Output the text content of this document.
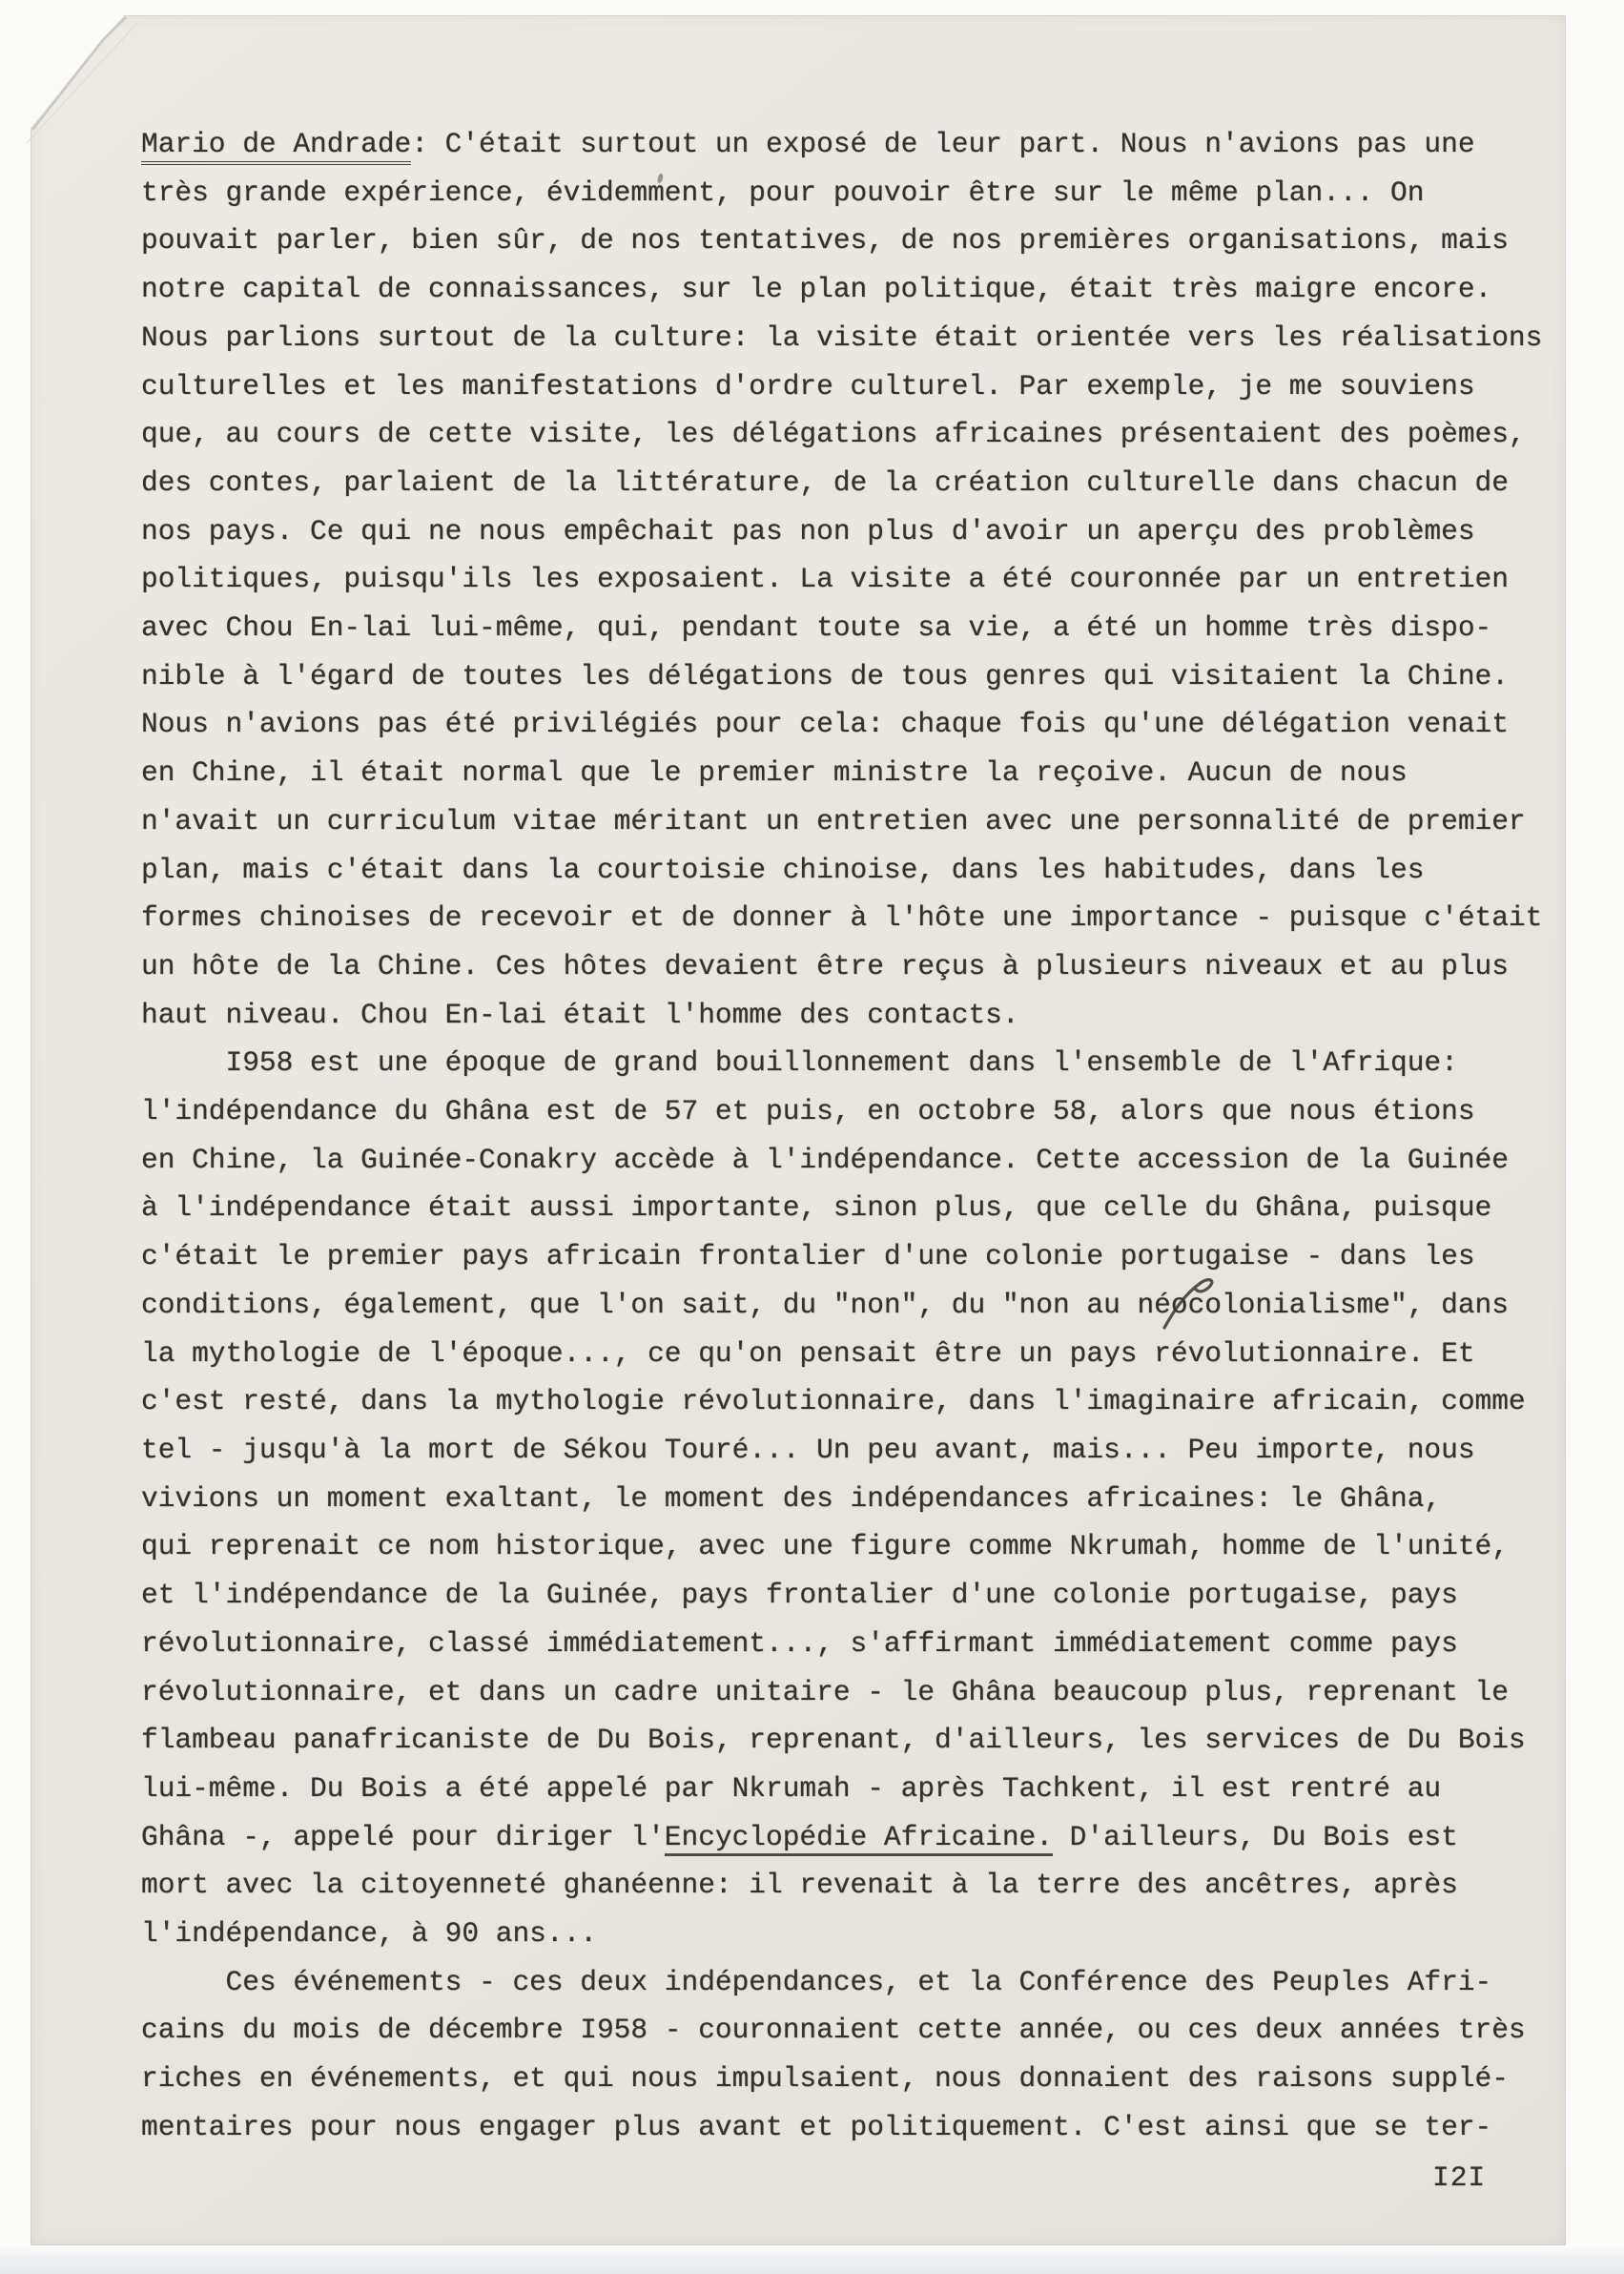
Mario de Andrade: C'était surtout un exposé de leur part. Nous n'avions pas une
très grande expérience, évidemment, pour pouvoir être sur le même plan... On
pouvait parler, bien sûr, de nos tentatives, de nos premières organisations, mais
notre capital de connaissances, sur le plan politique, était très maigre encore.
Nous parlions surtout de la culture: la visite était orientée vers les réalisations
culturelles et les manifestations d'ordre culturel. Par exemple, je me souviens
que, au cours de cette visite, les délégations africaines présentaient des poèmes,
des contes, parlaient de la littérature, de la création culturelle dans chacun de
nos pays. Ce qui ne nous empêchait pas non plus d'avoir un aperçu des problèmes
politiques, puisqu'ils les exposaient. La visite a été couronnée par un entretien
avec Chou En-lai lui-même, qui, pendant toute sa vie, a été un homme très dispo-
nible à l'égard de toutes les délégations de tous genres qui visitaient la Chine.
Nous n'avions pas été privilégiés pour cela: chaque fois qu'une délégation venait
en Chine, il était normal que le premier ministre la reçoive. Aucun de nous
n'avait un curriculum vitae méritant un entretien avec une personnalité de premier
plan, mais c'était dans la courtoisie chinoise, dans les habitudes, dans les
formes chinoises de recevoir et de donner à l'hôte une importance - puisque c'était
un hôte de la Chine. Ces hôtes devaient être reçus à plusieurs niveaux et au plus
haut niveau. Chou En-lai était l'homme des contacts.
I958 est une époque de grand bouillonnement dans l'ensemble de l'Afrique:
l'indépendance du Ghâna est de 57 et puis, en octobre 58, alors que nous étions
en Chine, la Guinée-Conakry accède à l'indépendance. Cette accession de la Guinée
à l'indépendance était aussi importante, sinon plus, que celle du Ghâna, puisque
c'était le premier pays africain frontalier d'une colonie portugaise - dans les
conditions, également, que l'on sait, du "non", du "non au néocolonialisme", dans
la mythologie de l'époque..., ce qu'on pensait être un pays révolutionnaire. Et
c'est resté, dans la mythologie révolutionnaire, dans l'imaginaire africain, comme
tel - jusqu'à la mort de Sékou Touré... Un peu avant, mais... Peu importe, nous
vivions un moment exaltant, le moment des indépendances africaines: le Ghâna,
qui reprenait ce nom historique, avec une figure comme Nkrumah, homme de l'unité,
et l'indépendance de la Guinée, pays frontalier d'une colonie portugaise, pays
révolutionnaire, classé immédiatement..., s'affirmant immédiatement comme pays
révolutionnaire, et dans un cadre unitaire - le Ghâna beaucoup plus, reprenant le
flambeau panafricaniste de Du Bois, reprenant, d'ailleurs, les services de Du Bois
lui-même. Du Bois a été appelé par Nkrumah - après Tachkent, il est rentré au
Ghâna -, appelé pour diriger l'Encyclopédie Africaine. D'ailleurs, Du Bois est
mort avec la citoyenneté ghanéenne: il revenait à la terre des ancêtres, après
l'indépendance, à 90 ans...
Ces événements - ces deux indépendances, et la Conférence des Peuples Afri-
cains du mois de décembre I958 - couronnaient cette année, ou ces deux années très
riches en événements, et qui nous impulsaient, nous donnaient des raisons supplé-
mentaires pour nous engager plus avant et politiquement. C'est ainsi que se ter-
I2I
